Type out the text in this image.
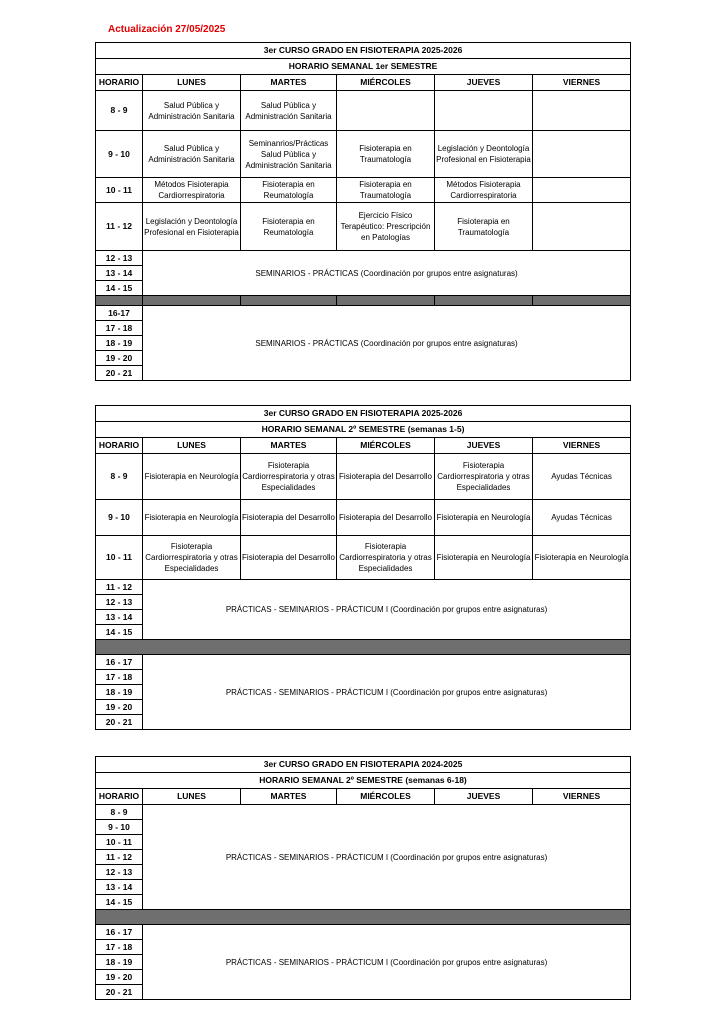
Actualización 27/05/2025
3er CURSO GRADO EN FISIOTERAPIA 2025-2026					
HORARIO SEMANAL 1er SEMESTRE					
HORARIO	LUNES	MARTES	MIÉRCOLES	JUEVES	VIERNES
8 - 9	Salud Pública y Administración Sanitaria	Salud Pública y Administración Sanitaria			
9 - 10	Salud Pública y Administración Sanitaria	Seminanrios/Prácticas Salud Pública y Administración Sanitaria	Fisioterapia en Traumatología	Legislación y Deontología Profesional en Fisioterapia	
10 - 11	Métodos Fisioterapia Cardiorrespiratoria	Fisioterapia en Reumatología	Fisioterapia en Traumatología	Métodos Fisioterapia Cardiorrespiratoria	
11 - 12	Legislación y Deontología Profesional en Fisioterapia	Fisioterapia en Reumatología	Ejercicio Físico Terapéutico: Prescripción en Patologías	Fisioterapia en Traumatología	
12 - 13	SEMINARIOS - PRÁCTICAS (Coordinación por grupos entre asignaturas)				
13 - 14					
14 - 15					

16-17	SEMINARIOS - PRÁCTICAS (Coordinación por grupos entre asignaturas)				
17 - 18					
18 - 19					
19 - 20					
20 - 21					
3er CURSO GRADO EN FISIOTERAPIA 2025-2026					
HORARIO SEMANAL 2º SEMESTRE (semanas 1-5)					
HORARIO	LUNES	MARTES	MIÉRCOLES	JUEVES	VIERNES
8 - 9	Fisioterapia en Neurología	Fisioterapia Cardiorrespiratoria y otras Especialidades	Fisioterapia del Desarrollo	Fisioterapia Cardiorrespiratoria y otras Especialidades	Ayudas Técnicas
9 - 10	Fisioterapia en Neurología	Fisioterapia del Desarrollo	Fisioterapia del Desarrollo	Fisioterapia en Neurología	Ayudas Técnicas
10 - 11	Fisioterapia Cardiorrespiratoria y otras Especialidades	Fisioterapia del Desarrollo	Fisioterapia Cardiorrespiratoria y otras Especialidades	Fisioterapia en Neurología	Fisioterapia en Neurología
11 - 12	PRÁCTICAS - SEMINARIOS - PRÁCTICUM I (Coordinación por grupos entre asignaturas)				
12 - 13					
13 - 14					
14 - 15					

16 - 17	PRÁCTICAS - SEMINARIOS - PRÁCTICUM I (Coordinación por grupos entre asignaturas)				
17 - 18					
18 - 19					
19 - 20					
20 - 21					
3er CURSO GRADO EN FISIOTERAPIA 2024-2025					
HORARIO SEMANAL 2º SEMESTRE (semanas 6-18)					
HORARIO	LUNES	MARTES	MIÉRCOLES	JUEVES	VIERNES
8 - 9	PRÁCTICAS - SEMINARIOS - PRÁCTICUM I (Coordinación por grupos entre asignaturas)				
9 - 10					
10 - 11					
11 - 12					
12 - 13					
13 - 14					
14 - 15					

16 - 17	PRÁCTICAS - SEMINARIOS - PRÁCTICUM I (Coordinación por grupos entre asignaturas)				
17 - 18					
18 - 19					
19 - 20					
20 - 21					
